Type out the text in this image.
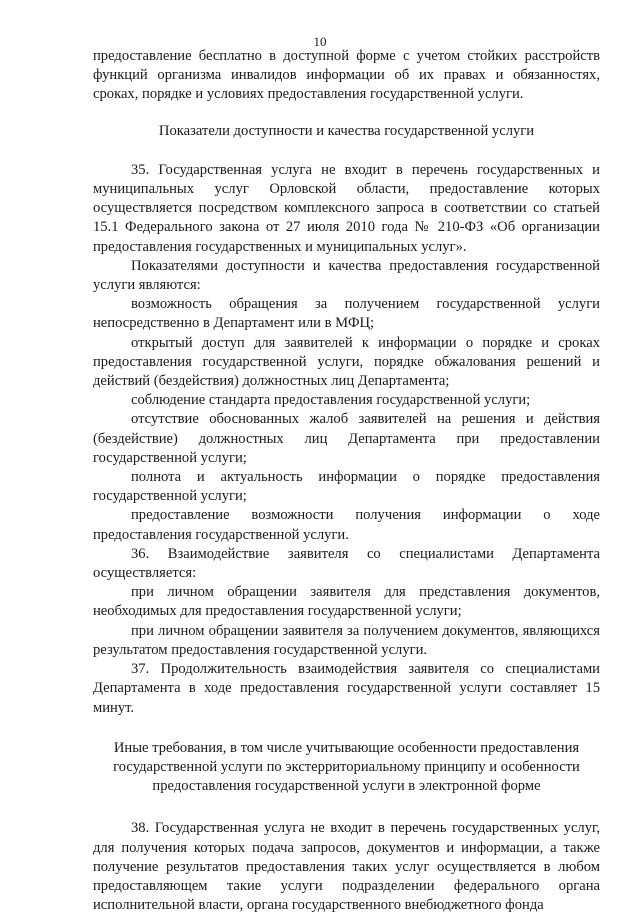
10

предоставление бесплатно в доступной форме с учетом стойких расстройств функций организма инвалидов информации об их правах и обязанностях, сроках, порядке и условиях предоставления государственной услуги.

Показатели доступности и качества государственной услуги

35. Государственная услуга не входит в перечень государственных и муниципальных услуг Орловской области, предоставление которых осуществляется посредством комплексного запроса в соответствии со статьей 15.1 Федерального закона от 27 июля 2010 года № 210-ФЗ «Об организации предоставления государственных и муниципальных услуг».

Показателями доступности и качества предоставления государственной услуги являются:

возможность обращения за получением государственной услуги непосредственно в Департамент или в МФЦ;

открытый доступ для заявителей к информации о порядке и сроках предоставления государственной услуги, порядке обжалования решений и действий (бездействия) должностных лиц Департамента;

соблюдение стандарта предоставления государственной услуги;

отсутствие обоснованных жалоб заявителей на решения и действия (бездействие) должностных лиц Департамента при предоставлении государственной услуги;

полнота и актуальность информации о порядке предоставления государственной услуги;

предоставление возможности получения информации о ходе предоставления государственной услуги.

36. Взаимодействие заявителя со специалистами Департамента осуществляется:

при личном обращении заявителя для представления документов, необходимых для предоставления государственной услуги;

при личном обращении заявителя за получением документов, являющихся результатом предоставления государственной услуги.

37. Продолжительность взаимодействия заявителя со специалистами Департамента в ходе предоставления государственной услуги составляет 15 минут.

Иные требования, в том числе учитывающие особенности предоставления государственной услуги по экстерриториальному принципу и особенности предоставления государственной услуги в электронной форме

38. Государственная услуга не входит в перечень государственных услуг, для получения которых подача запросов, документов и информации, а также получение результатов предоставления таких услуг осуществляется в любом предоставляющем такие услуги подразделении федерального органа исполнительной власти, органа государственного внебюджетного фонда
